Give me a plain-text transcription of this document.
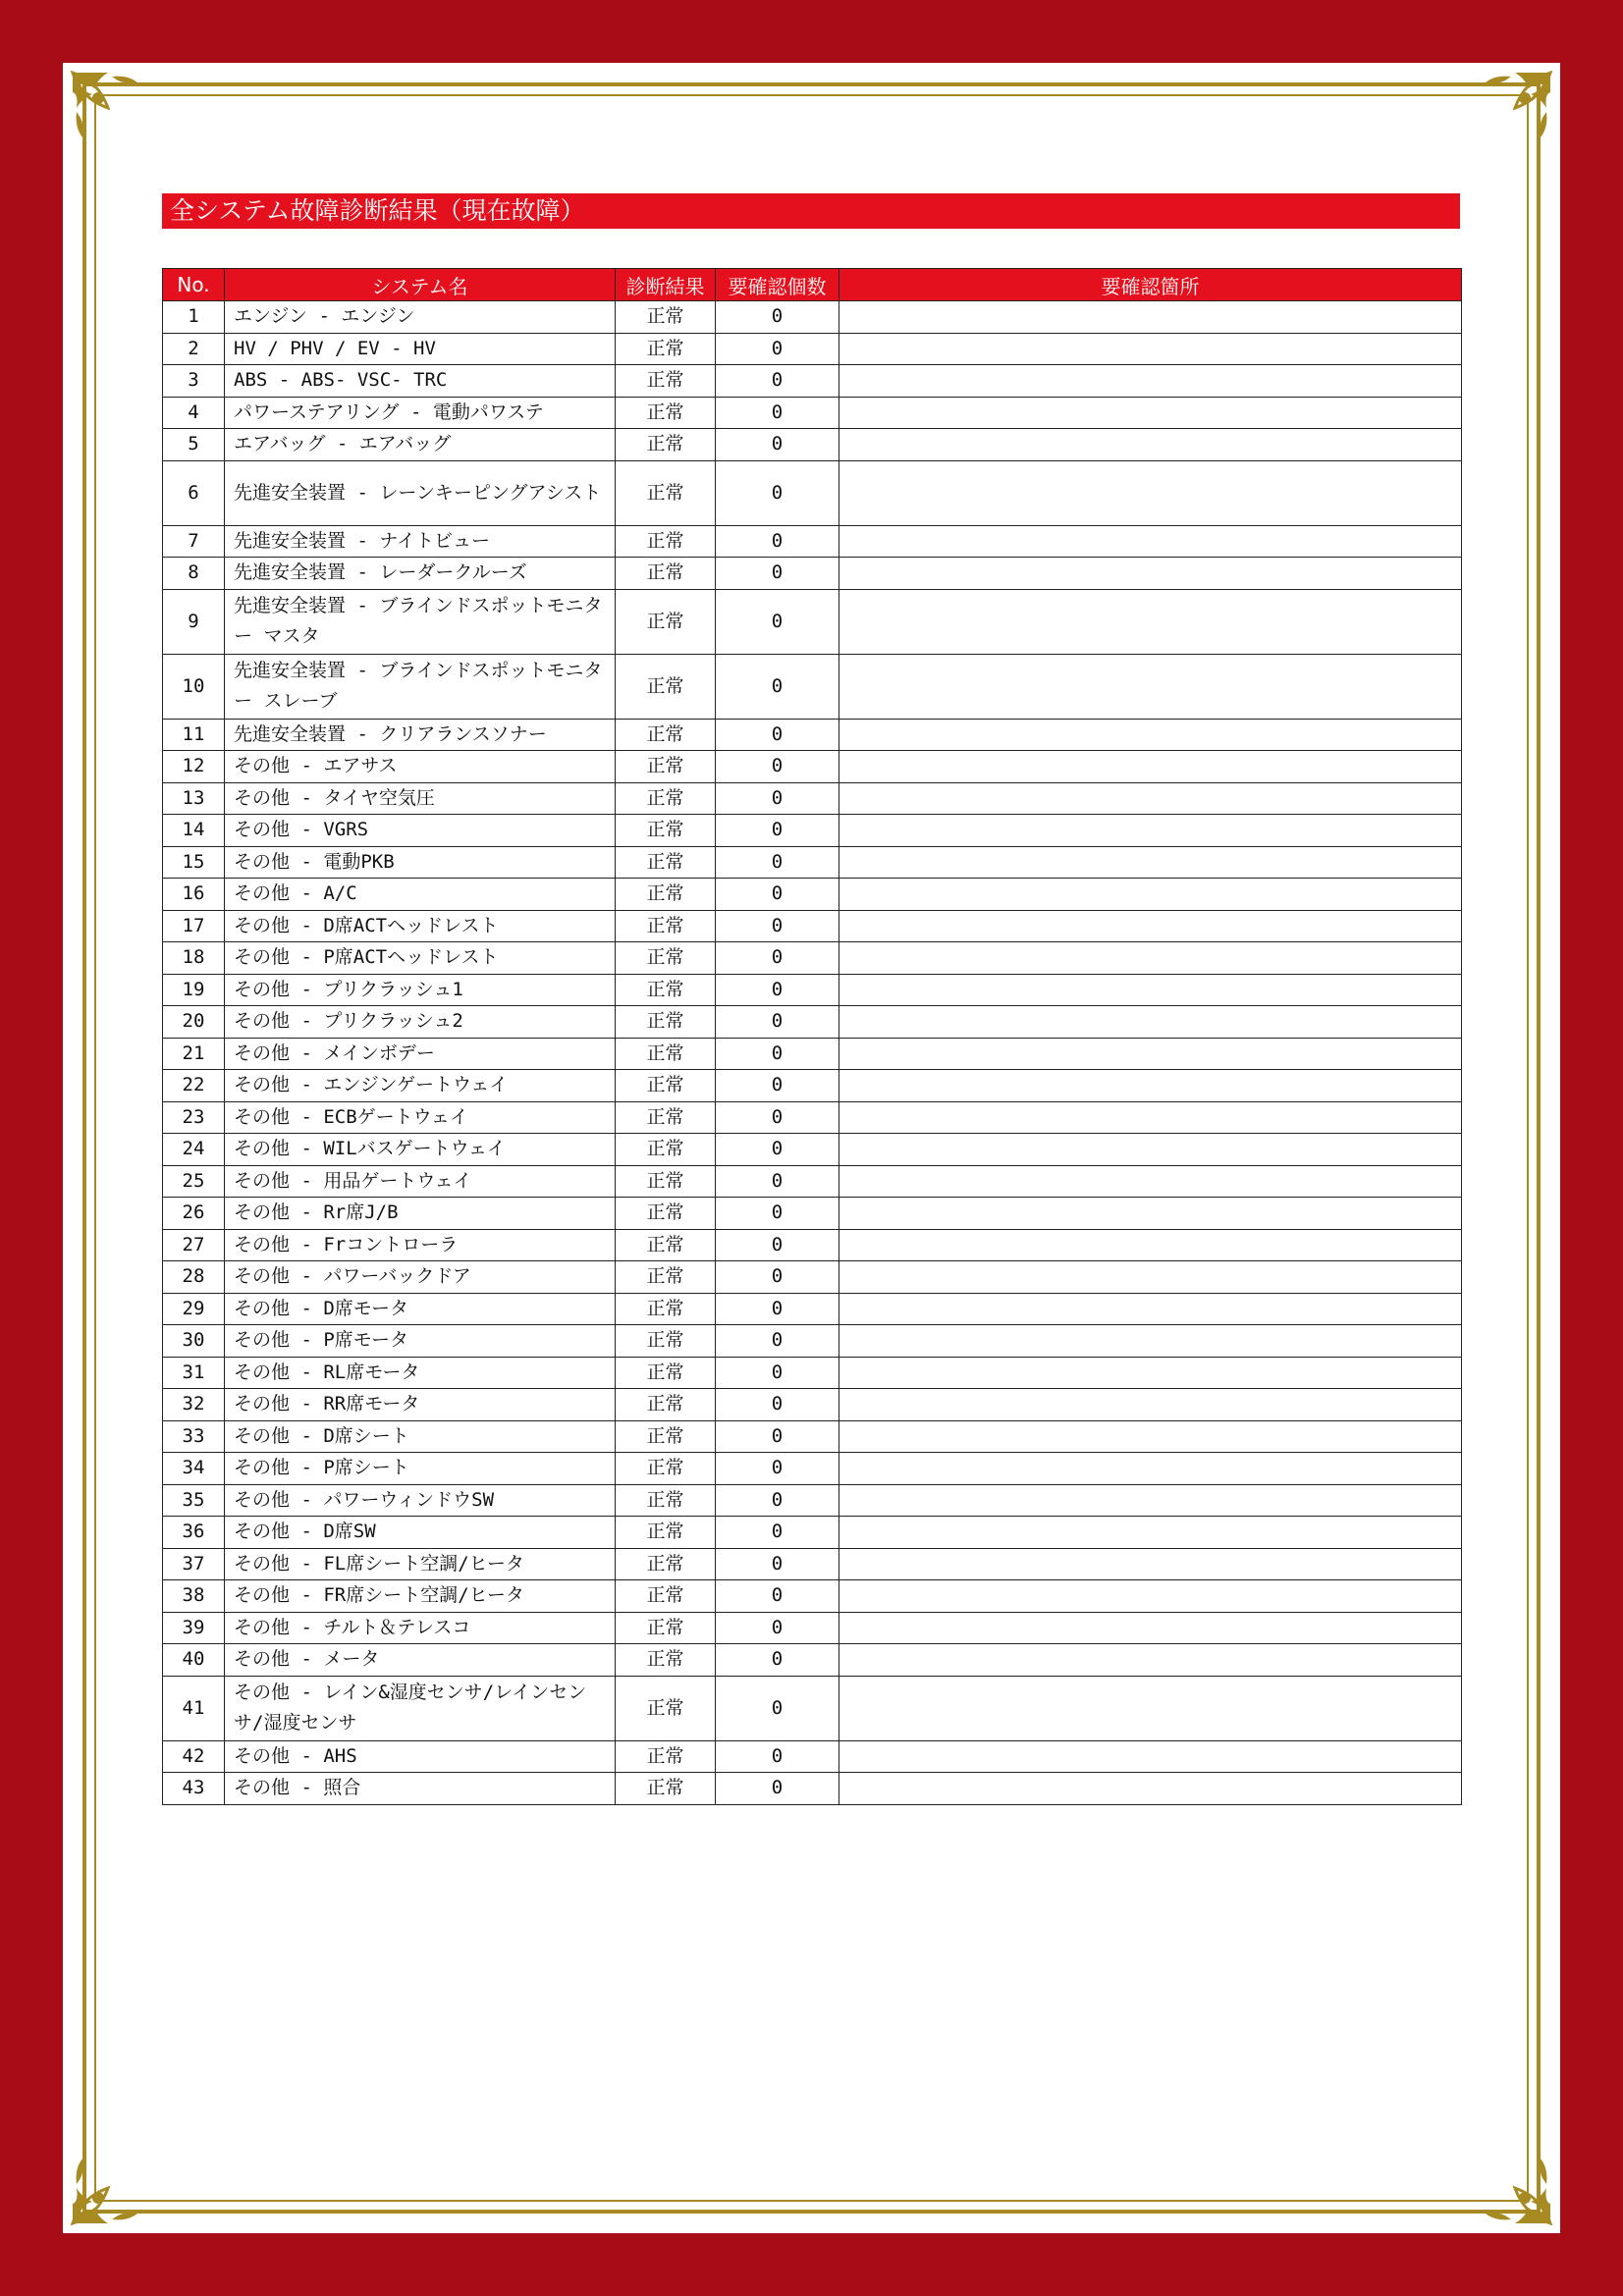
全システム故障診断結果（現在故障）
No.	システム名	診断結果	要確認個数	要確認箇所
1	エンジン - エンジン	正常	0	
2	HV / PHV / EV - HV	正常	0	
3	ABS - ABS- VSC- TRC	正常	0	
4	パワーステアリング - 電動パワステ	正常	0	
5	エアバッグ - エアバッグ	正常	0	
6	先進安全装置 - レーンキーピングアシスト	正常	0	
7	先進安全装置 - ナイトビュー	正常	0	
8	先進安全装置 - レーダークルーズ	正常	0	
9	先進安全装置 - ブラインドスポットモニター マスタ	正常	0	
10	先進安全装置 - ブラインドスポットモニター スレーブ	正常	0	
11	先進安全装置 - クリアランスソナー	正常	0	
12	その他 - エアサス	正常	0	
13	その他 - タイヤ空気圧	正常	0	
14	その他 - VGRS	正常	0	
15	その他 - 電動PKB	正常	0	
16	その他 - A/C	正常	0	
17	その他 - D席ACTヘッドレスト	正常	0	
18	その他 - P席ACTヘッドレスト	正常	0	
19	その他 - プリクラッシュ1	正常	0	
20	その他 - プリクラッシュ2	正常	0	
21	その他 - メインボデー	正常	0	
22	その他 - エンジンゲートウェイ	正常	0	
23	その他 - ECBゲートウェイ	正常	0	
24	その他 - WILバスゲートウェイ	正常	0	
25	その他 - 用品ゲートウェイ	正常	0	
26	その他 - Rr席J/B	正常	0	
27	その他 - Frコントローラ	正常	0	
28	その他 - パワーバックドア	正常	0	
29	その他 - D席モータ	正常	0	
30	その他 - P席モータ	正常	0	
31	その他 - RL席モータ	正常	0	
32	その他 - RR席モータ	正常	0	
33	その他 - D席シート	正常	0	
34	その他 - P席シート	正常	0	
35	その他 - パワーウィンドウSW	正常	0	
36	その他 - D席SW	正常	0	
37	その他 - FL席シート空調/ヒータ	正常	0	
38	その他 - FR席シート空調/ヒータ	正常	0	
39	その他 - チルト＆テレスコ	正常	0	
40	その他 - メータ	正常	0	
41	その他 - レイン&湿度センサ/レインセンサ/湿度センサ	正常	0	
42	その他 - AHS	正常	0	
43	その他 - 照合	正常	0	
